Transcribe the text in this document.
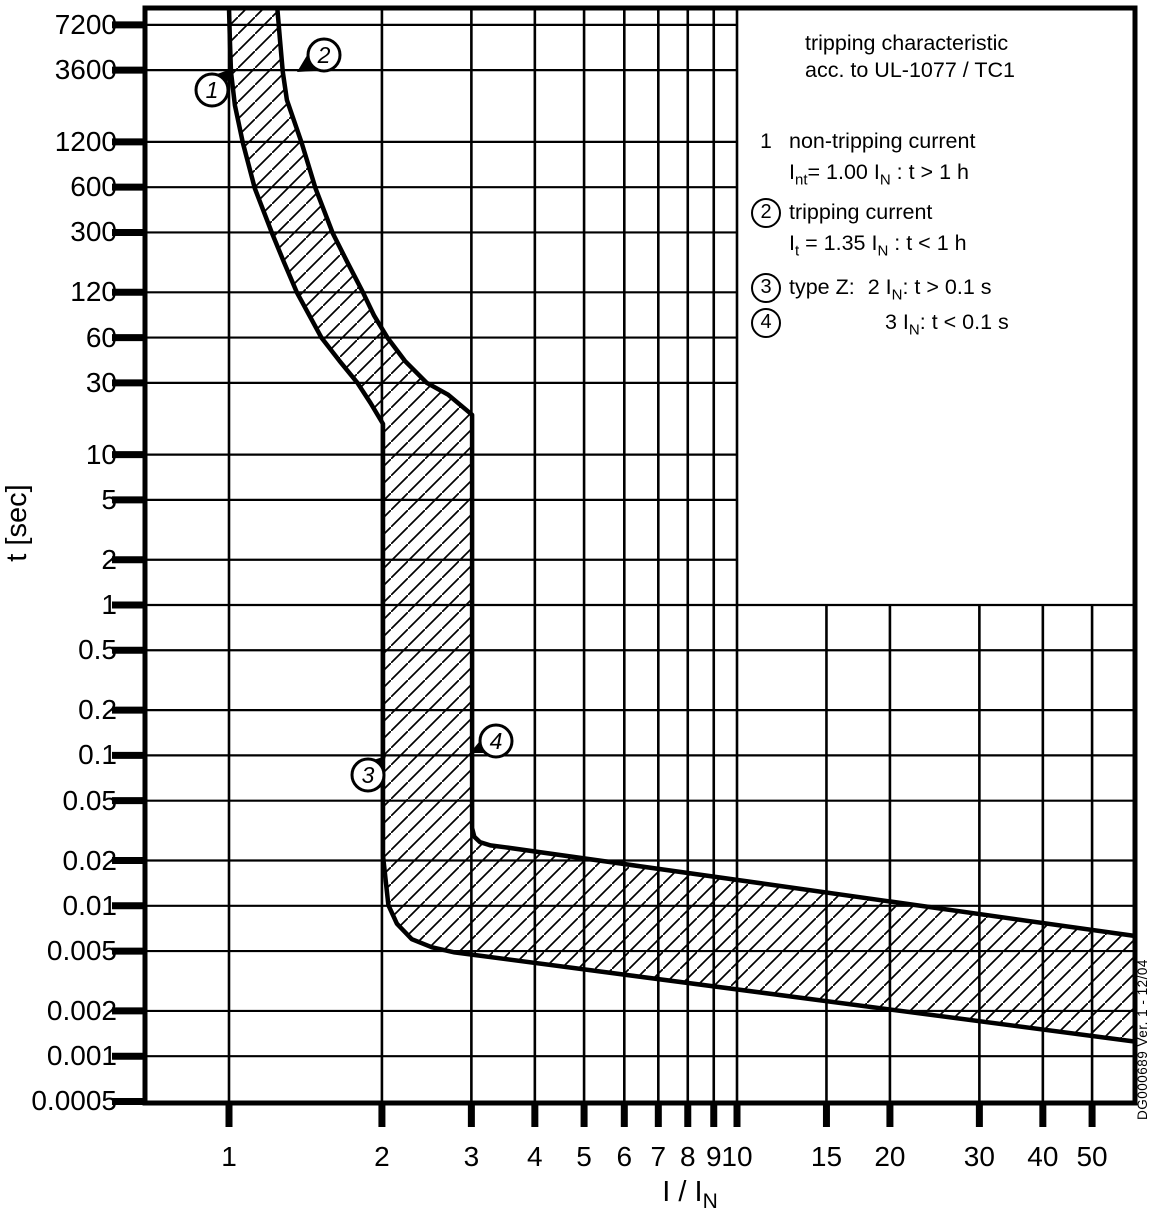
1
2
3
4
7200
3600
1200
600
300
120
60
30
10
5
2
1
0.5
0.2
0.1
0.05
0.02
0.01
0.005
0.002
0.001
0.0005
1	2	3	4	5 6 7 8 9 10	15	20	30	40 50
t [sec]
I / $I_N$
tripping characteristic
acc. to UL-1077 / TC1
1 non-tripping current
$I_{nt}= 1.00$ $I_N$ : t > 1 h
2 tripping current
$I_t = 1.35$ $I_N$ : t < 1 h
3 type Z: 2 $I_N$: t > 0.1 s
4	3 $I_N$: t < 0.1 s
DG000689 Ver. 1 - 12/04
